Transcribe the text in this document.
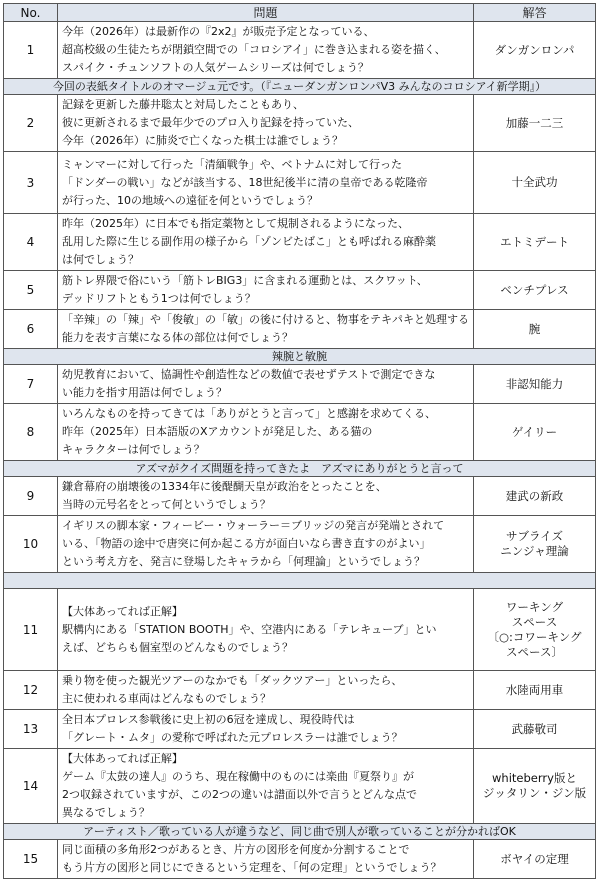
No.	問題	解答
1	今年（2026年）は最新作の『2x2』が販売予定となっている、
超高校級の生徒たちが閉鎖空間での「コロシアイ」に巻き込まれる姿を描く、
スパイク・チュンソフトの人気ゲームシリーズは何でしょう？	ダンガンロンパ

今回の表紙タイトルのオマージュ元です。（『ニューダンガンロンパV3 みんなのコロシアイ新学期』）		
2	記録を更新した藤井聡太と対局したこともあり、
彼に更新されるまで最年少でのプロ入り記録を持っていた、
今年（2026年）に肺炎で亡くなった棋士は誰でしょう？	加藤一二三

3	ミャンマーに対して行った「清緬戦争」や、ベトナムに対して行った
「ドンダーの戦い」などが該当する、18世紀後半に清の皇帝である乾隆帝
が行った、10の地域への遠征を何というでしょう？	十全武功

4	昨年（2025年）に日本でも指定薬物として規制されるようになった、
乱用した際に生じる副作用の様子から「ゾンビたばこ」とも呼ばれる麻酔薬
は何でしょう？	エトミデート

5	筋トレ界隈で俗にいう「筋トレBIG3」に含まれる運動とは、スクワット、
デッドリフトともう1つは何でしょう？	ベンチプレス

6	「辛辣」の「辣」や「俊敏」の「敏」の後に付けると、物事をテキパキと処理する
能力を表す言葉になる体の部位は何でしょう？	腕

辣腕と敏腕		
7	幼児教育において、協調性や創造性などの数値で表せずテストで測定できな
い能力を指す用語は何でしょう？	非認知能力

8	いろんなものを持ってきては「ありがとうと言って」と感謝を求めてくる、
昨年（2025年）日本語版のXアカウントが発足した、ある猫の
キャラクターは何でしょう？	ゲイリー

アズマがクイズ問題を持ってきたよ　アズマにありがとうと言って		
9	鎌倉幕府の崩壊後の1334年に後醍醐天皇が政治をとったことを、
当時の元号名をとって何というでしょう？	建武の新政

10	イギリスの脚本家・フィービー・ウォーラー＝ブリッジの発言が発端とされて
いる、「物語の途中で唐突に何か起こる方が面白いなら書き直すのがよい」
という考え方を、発言に登場したキャラから「何理論」というでしょう？	サブライズ
ニンジャ理論

11	【大体あってれば正解】
駅構内にある「STATION BOOTH」や、空港内にある「テレキューブ」とい
えば、どちらも個室型のどんなものでしょう？	ワーキング
スペース
〔○:コワーキング
スペース〕

12	乗り物を使った観光ツアーのなかでも「ダックツアー」といったら、
主に使われる車両はどんなものでしょう？	水陸両用車

13	全日本プロレス参戦後に史上初の6冠を達成し、現役時代は
「グレート・ムタ」の愛称で呼ばれた元プロレスラーは誰でしょう？	武藤敬司

14	【大体あってれば正解】
ゲーム『太鼓の達人』のうち、現在稼働中のものには楽曲『夏祭り』が
2つ収録されていますが、この2つの違いは譜面以外で言うとどんな点で
異なるでしょう？	whiteberry版と
ジッタリン・ジン版

アーティスト／歌っている人が違うなど、同じ曲で別人が歌っていることが分かればOK		
15	同じ面積の多角形2つがあるとき、片方の図形を何度か分割することで
もう片方の図形と同じにできるという定理を、「何の定理」というでしょう？	ボヤイの定理
